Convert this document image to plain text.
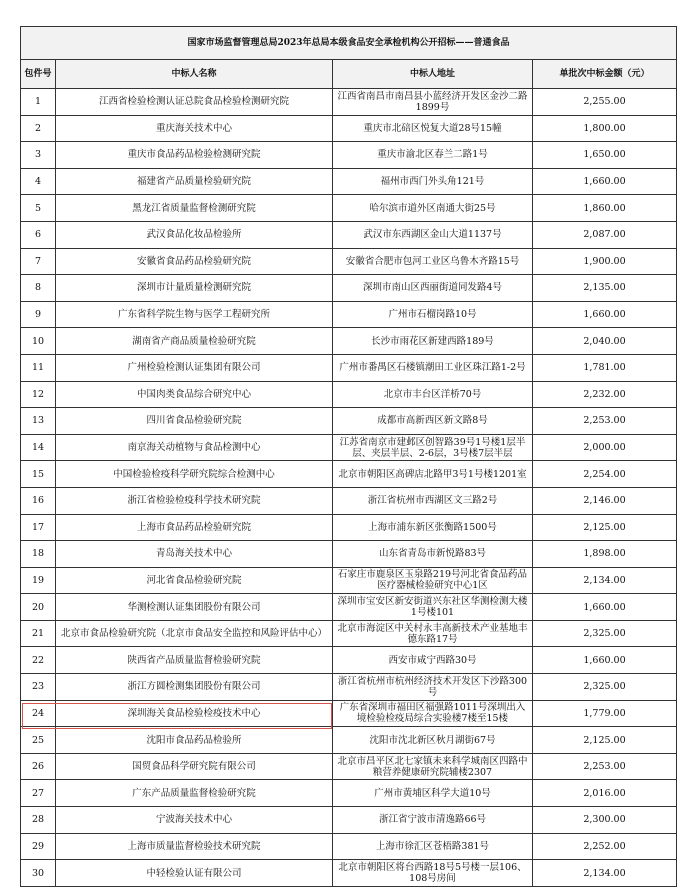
国家市场监督管理总局2023年总局本级食品安全承检机构公开招标——普通食品			
包件号	中标人名称	中标人地址	单批次中标金额（元）
1	江西省检验检测认证总院食品检验检测研究院	江西省南昌市南昌县小蓝经济开发区金沙二路1899号	2,255.00
2	重庆海关技术中心	重庆市北碚区悦复大道28号15幢	1,800.00
3	重庆市食品药品检验检测研究院	重庆市渝北区春兰二路1号	1,650.00
4	福建省产品质量检验研究院	福州市西门外头角121号	1,660.00
5	黑龙江省质量监督检测研究院	哈尔滨市道外区南通大街25号	1,860.00
6	武汉食品化妆品检验所	武汉市东西湖区金山大道1137号	2,087.00
7	安徽省食品药品检验研究院	安徽省合肥市包河工业区乌鲁木齐路15号	1,900.00
8	深圳市计量质量检测研究院	深圳市南山区西丽街道同发路4号	2,135.00
9	广东省科学院生物与医学工程研究所	广州市石榴岗路10号	1,660.00
10	湖南省产商品质量检验研究院	长沙市雨花区新建西路189号	2,040.00
11	广州检验检测认证集团有限公司	广州市番禺区石楼镇潮田工业区珠江路1-2号	1,781.00
12	中国肉类食品综合研究中心	北京市丰台区洋桥70号	2,232.00
13	四川省食品检验研究院	成都市高新西区新文路8号	2,253.00
14	南京海关动植物与食品检测中心	江苏省南京市建邺区创智路39号1号楼1层半层、夹层半层、2-6层，3号楼7层半层	2,000.00
15	中国检验检疫科学研究院综合检测中心	北京市朝阳区高碑店北路甲3号1号楼1201室	2,254.00
16	浙江省检验检疫科学技术研究院	浙江省杭州市西湖区文三路2号	2,146.00
17	上海市食品药品检验研究院	上海市浦东新区张衡路1500号	2,125.00
18	青岛海关技术中心	山东省青岛市新悦路83号	1,898.00
19	河北省食品检验研究院	石家庄市鹿泉区玉泉路219号河北省食品药品医疗器械检验研究中心1区	2,134.00
20	华测检测认证集团股份有限公司	深圳市宝安区新安街道兴东社区华测检测大楼1号楼101	1,660.00
21	北京市食品检验研究院（北京市食品安全监控和风险评估中心）	北京市海淀区中关村永丰高新技术产业基地丰德东路17号	2,325.00
22	陕西省产品质量监督检验研究院	西安市咸宁西路30号	1,660.00
23	浙江方圆检测集团股份有限公司	浙江省杭州市杭州经济技术开发区下沙路300号	2,325.00
24	深圳海关食品检验检疫技术中心	广东省深圳市福田区福强路1011号深圳出入境检验检疫局综合实验楼7楼至15楼	1,779.00
25	沈阳市食品药品检验所	沈阳市沈北新区秋月湖街67号	2,125.00
26	国贸食品科学研究院有限公司	北京市昌平区北七家镇未来科学城南区四路中粮营养健康研究院辅楼2307	2,253.00
27	广东产品质量监督检验研究院	广州市黄埔区科学大道10号	2,016.00
28	宁波海关技术中心	浙江省宁波市清逸路66号	2,300.00
29	上海市质量监督检验技术研究院	上海市徐汇区苍梧路381号	2,252.00
30	中轻检验认证有限公司	北京市朝阳区将台西路18号5号楼一层106、108号房间	2,134.00
